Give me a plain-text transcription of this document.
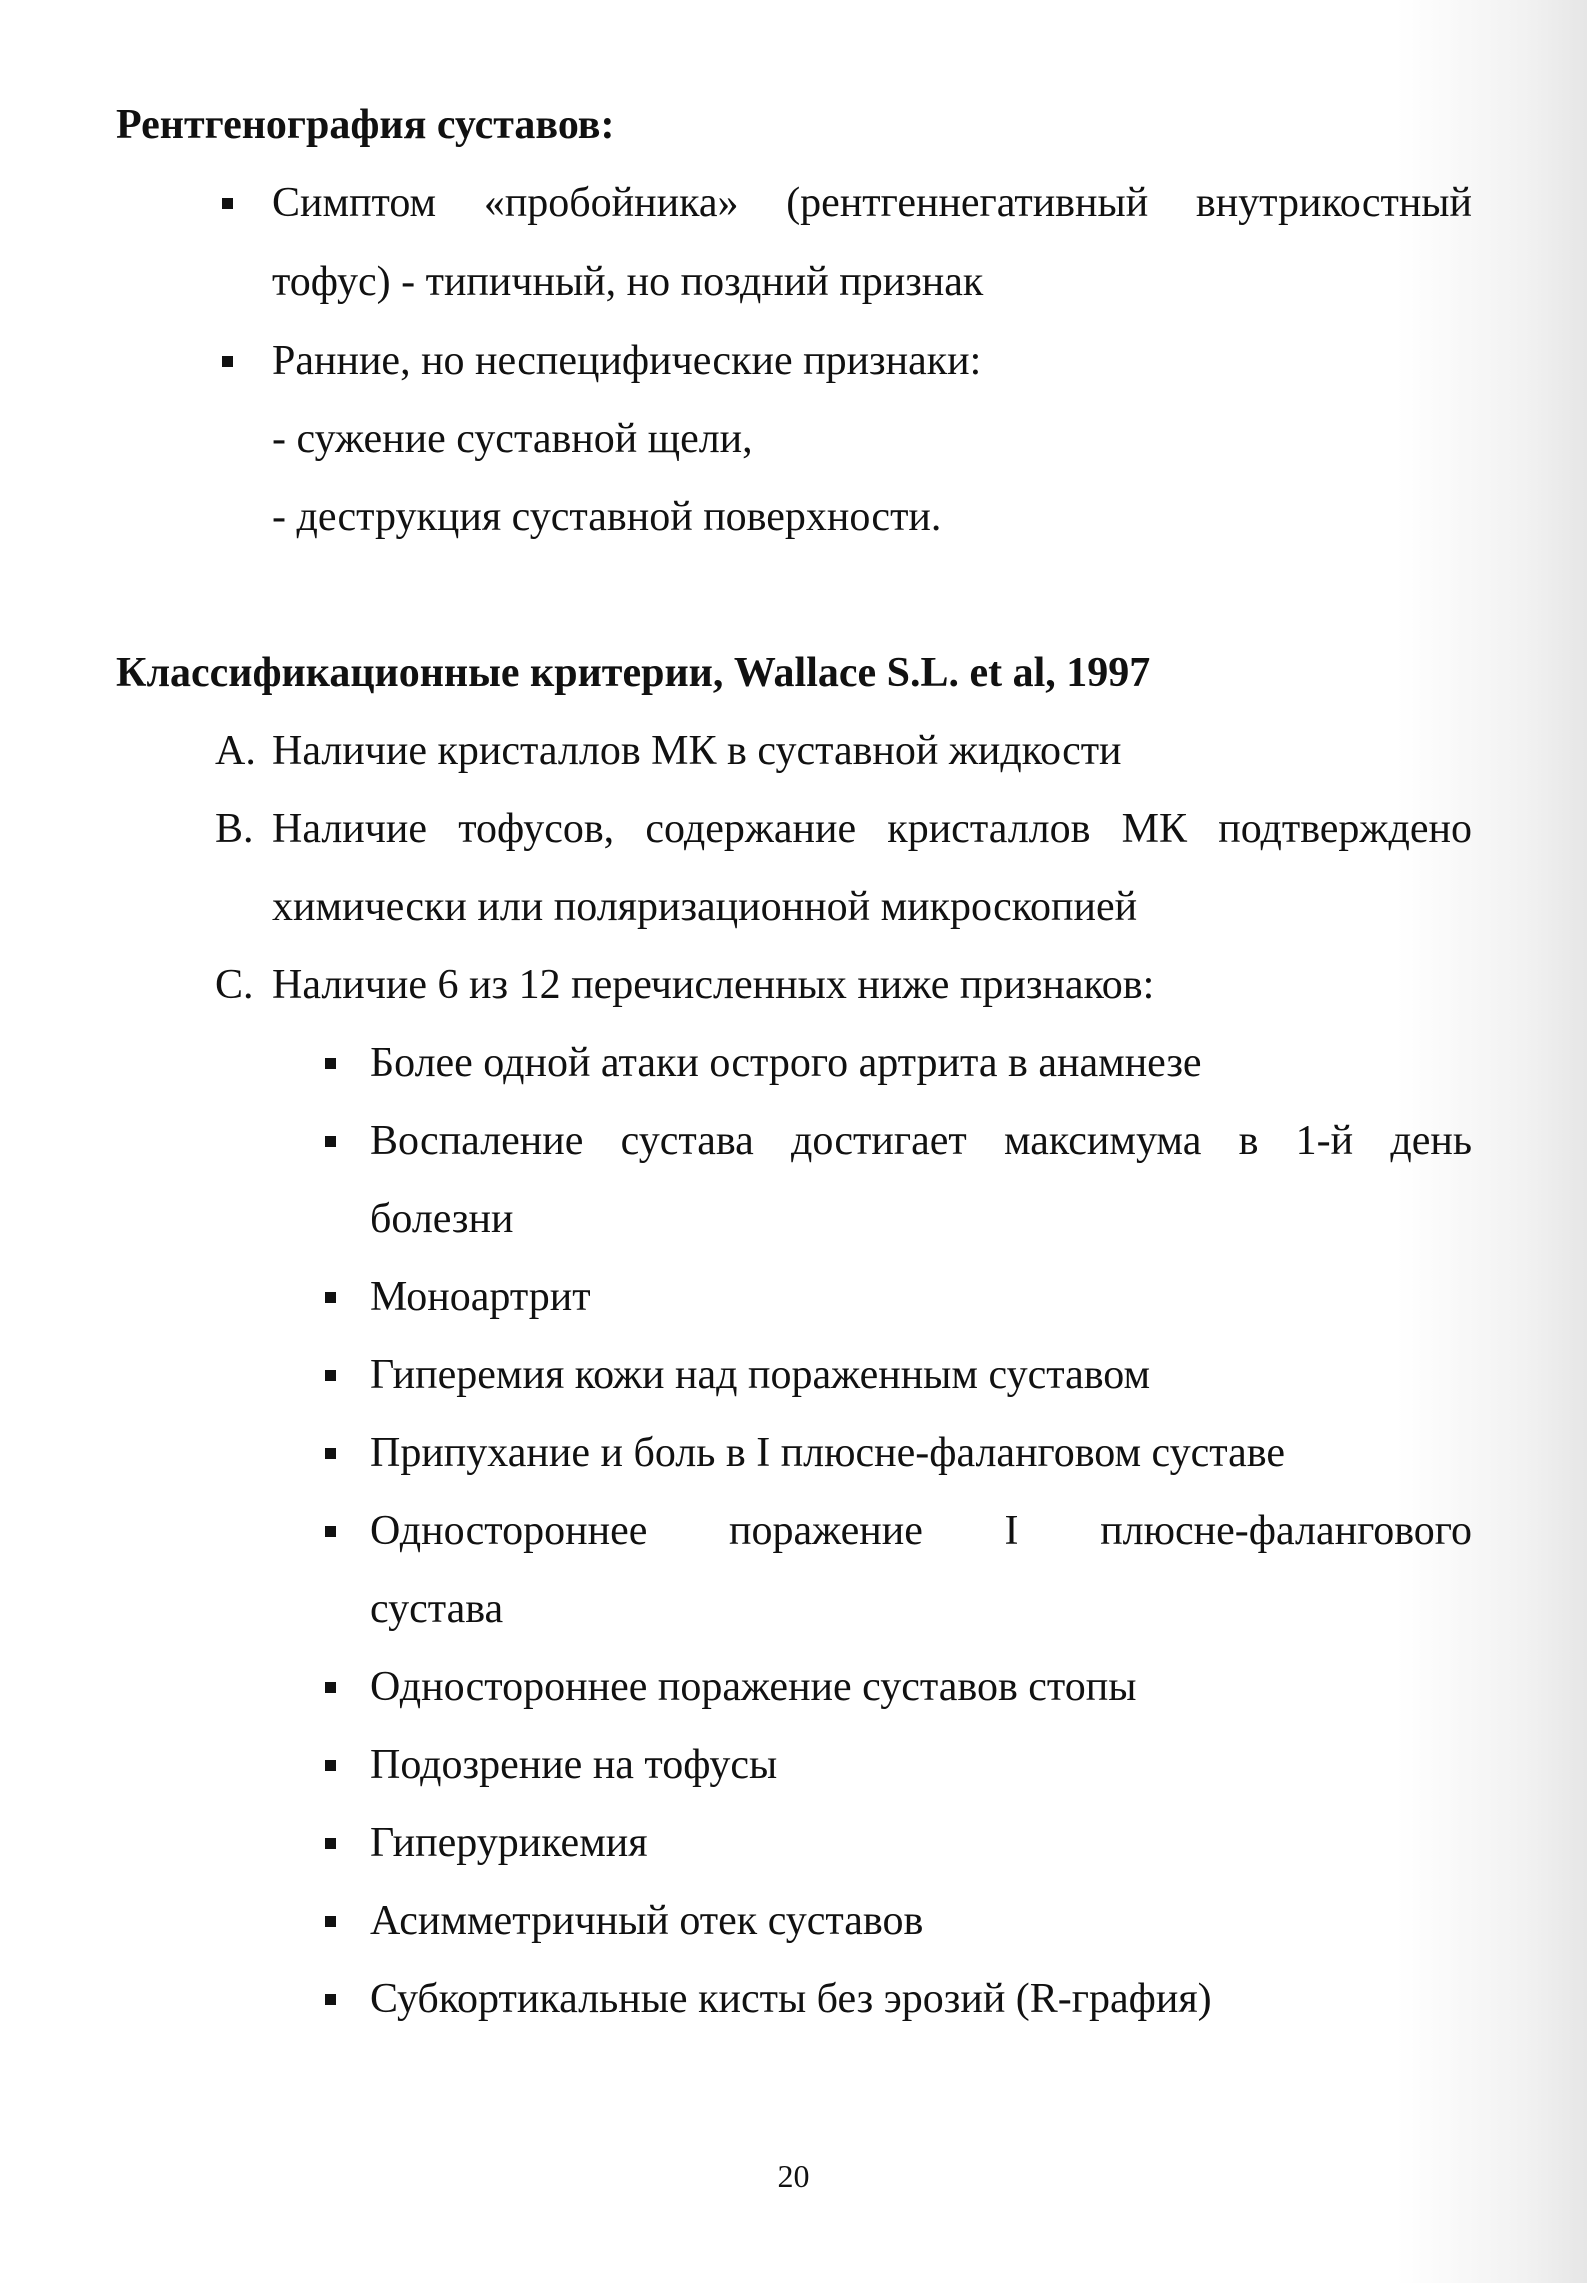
Рентгенография суставов:
Симптом «пробойника» (рентгеннегативный внутрикостный
тофус) - типичный, но поздний признак
Ранние, но неспецифические признаки:
- сужение суставной щели,
- деструкция суставной поверхности.
Классификационные критерии, Wallace S.L. et al, 1997
А. Наличие кристаллов МК в суставной жидкости
В. Наличие тофусов, содержание кристаллов МК подтверждено
химически или поляризационной микроскопией
С. Наличие 6 из 12 перечисленных ниже признаков:
Более одной атаки острого артрита в анамнезе
Воспаление сустава достигает максимума в 1-й день
болезни
Моноартрит
Гиперемия кожи над пораженным суставом
Припухание и боль в I плюсне-фаланговом суставе
Одностороннее поражение I плюсне-фалангового
сустава
Одностороннее поражение суставов стопы
Подозрение на тофусы
Гиперурикемия
Асимметричный отек суставов
Субкортикальные кисты без эрозий (R-графия)
20
